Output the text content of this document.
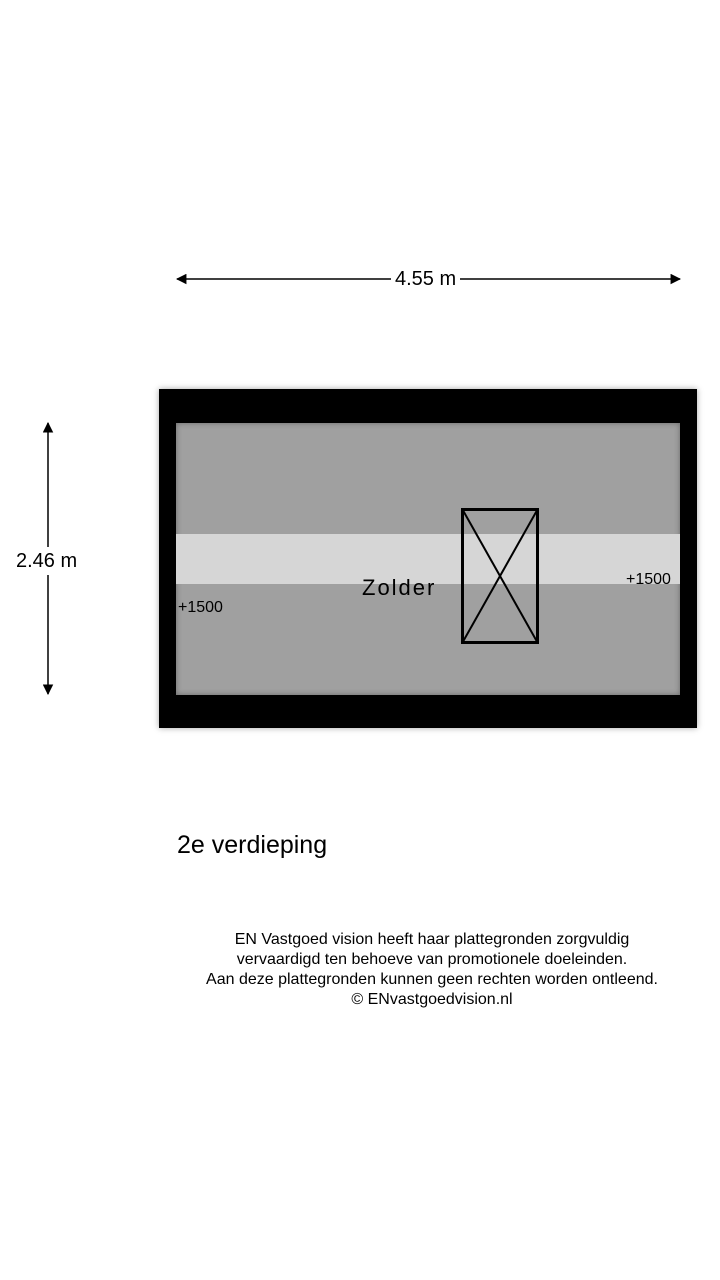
4.55 m
2.46 m
Zolder
+1500
+1500
2e verdieping
EN Vastgoed vision heeft haar plattegronden zorgvuldig
vervaardigd ten behoeve van promotionele doeleinden.
Aan deze plattegronden kunnen geen rechten worden ontleend.
© ENvastgoedvision.nl
